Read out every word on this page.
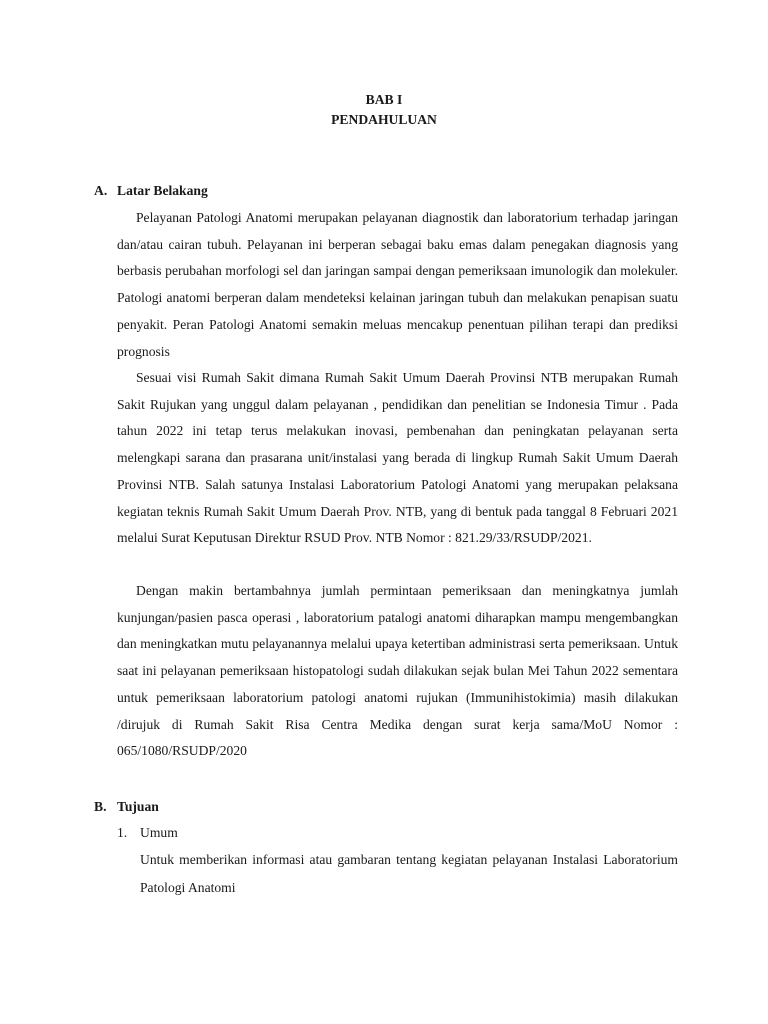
BAB I
PENDAHULUAN
A. Latar Belakang

Pelayanan Patologi Anatomi merupakan pelayanan diagnostik dan laboratorium terhadap jaringan dan/atau cairan tubuh. Pelayanan ini berperan sebagai baku emas dalam penegakan diagnosis yang berbasis perubahan morfologi sel dan jaringan sampai dengan pemeriksaan imunologik dan molekuler. Patologi anatomi berperan dalam mendeteksi kelainan jaringan tubuh dan melakukan penapisan suatu penyakit. Peran Patologi Anatomi semakin meluas mencakup penentuan pilihan terapi dan prediksi prognosis

Sesuai visi Rumah Sakit dimana Rumah Sakit Umum Daerah Provinsi NTB merupakan Rumah Sakit Rujukan yang unggul dalam pelayanan , pendidikan dan penelitian se Indonesia Timur . Pada tahun 2022 ini tetap terus melakukan inovasi, pembenahan dan peningkatan pelayanan serta melengkapi sarana dan prasarana unit/instalasi yang berada di lingkup Rumah Sakit Umum Daerah Provinsi NTB. Salah satunya Instalasi Laboratorium Patologi Anatomi yang merupakan pelaksana kegiatan teknis Rumah Sakit Umum Daerah Prov. NTB, yang di bentuk pada tanggal 8 Februari 2021 melalui Surat Keputusan Direktur RSUD Prov. NTB Nomor : 821.29/33/RSUDP/2021.

Dengan makin bertambahnya jumlah permintaan pemeriksaan dan meningkatnya jumlah kunjungan/pasien pasca operasi , laboratorium patalogi anatomi diharapkan mampu mengembangkan dan meningkatkan mutu pelayanannya melalui upaya ketertiban administrasi serta pemeriksaan. Untuk saat ini pelayanan pemeriksaan histopatologi sudah dilakukan sejak bulan Mei Tahun 2022 sementara untuk pemeriksaan laboratorium patologi anatomi rujukan (Immunihistokimia) masih dilakukan /dirujuk di Rumah Sakit Risa Centra Medika dengan surat kerja sama/MoU Nomor : 065/1080/RSUDP/2020

B. Tujuan
1. Umum

Untuk memberikan informasi atau gambaran tentang kegiatan pelayanan Instalasi Laboratorium Patologi Anatomi
